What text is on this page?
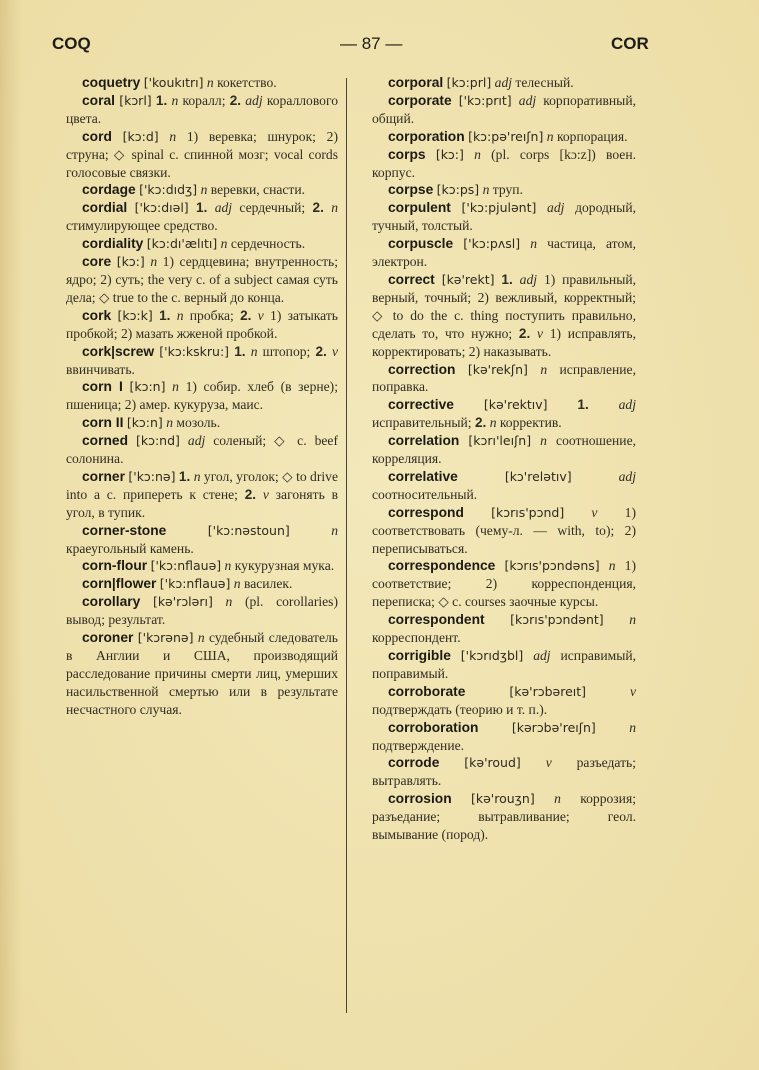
COQ	— 87 —	COR

coquetry ['koukıtrı] n кокетство.

coral [kɔrl] 1. n коралл; 2. adj кораллового цвета.

cord [kɔ:d] n 1) веревка; шнурок; 2) струна; ◇ spinal c. спинной мозг; vocal cords голосовые связки.

cordage ['kɔ:dıdʒ] n веревки, снасти.

cordial ['kɔ:dıəl] 1. adj сердечный; 2. n стимулирующее средство.

cordiality [kɔ:dı'ælıtı] n сердечность.

core [kɔ:] n 1) сердцевина; внутренность; ядро; 2) суть; the very c. of a subject самая суть дела; ◇ true to the c. верный до конца.

cork [kɔ:k] 1. n пробка; 2. v 1) затыкать пробкой; 2) мазать жженой пробкой.

cork|screw ['kɔ:kskru:] 1. n штопор; 2. v ввинчивать.

corn I [kɔ:n] n 1) собир. хлеб (в зерне); пшеница; 2) амер. кукуруза, маис.

corn II [kɔ:n] n мозоль.

corned [kɔ:nd] adj соленый; ◇ c. beef солонина.

corner ['kɔ:nə] 1. n угол, уголок; ◇ to drive into a c. припереть к стене; 2. v загонять в угол, в тупик.

corner-stone	['kɔ:nəstoun]	n краеугольный камень.

corn-flour ['kɔ:nflauə] n кукурузная мука.

corn|flower ['kɔ:nflauə] n василек.

corollary [kə'rɔlərı] n (pl. corollaries) вывод; результат.

coroner ['kɔrənə] n судебный следователь в Англии и США, производящий расследование причины смерти лиц, умерших насильственной смертью или в результате несчастного случая.

corporal [kɔ:prl] adj телесный.

corporate ['kɔ:prıt] adj корпоративный, общий.

corporation [kɔ:pə'reıʃn] n корпорация.

corps [kɔ:] n (pl. corps [kɔ:z]) воен. корпус.

corpse [kɔ:ps] n труп.

corpulent ['kɔ:pjulənt] adj дородный, тучный, толстый.

corpuscle ['kɔ:pʌsl] n частица, атом, электрон.

correct [kə'rekt] 1. adj 1) правильный, верный, точный; 2) вежливый, корректный; ◇ to do the c. thing поступить правильно, сделать то, что нужно; 2. v 1) исправлять, корректировать; 2) наказывать.

correction [kə'rekʃn] n исправление, поправка.

corrective [kə'rektıv] 1. adj исправительный; 2. n корректив.

correlation [kɔrı'leıʃn] n соотношение, корреляция.

correlative	[kɔ'relətıv]	adj соотносительный.

correspond [kɔrıs'pɔnd] v 1) соответствовать (чему-л. — with, to); 2) переписываться.

correspondence [kɔrıs'pɔndəns] n 1) соответствие; 2) корреспонденция, переписка; ◇ c. courses заочные курсы.

correspondent [kɔrıs'pɔndənt] n корреспондент.

corrigible ['kɔrıdʒbl] adj исправимый, поправимый.

corroborate	[kə'rɔbəreıt]	v подтверждать (теорию и т. п.).

corroboration	[kərɔbə'reıʃn] n подтверждение.

corrode [kə'roud] v разъедать; вытравлять.

corrosion [kə'rouʒn] n коррозия; разъедание; вытравливание; геол. вымывание (пород).
